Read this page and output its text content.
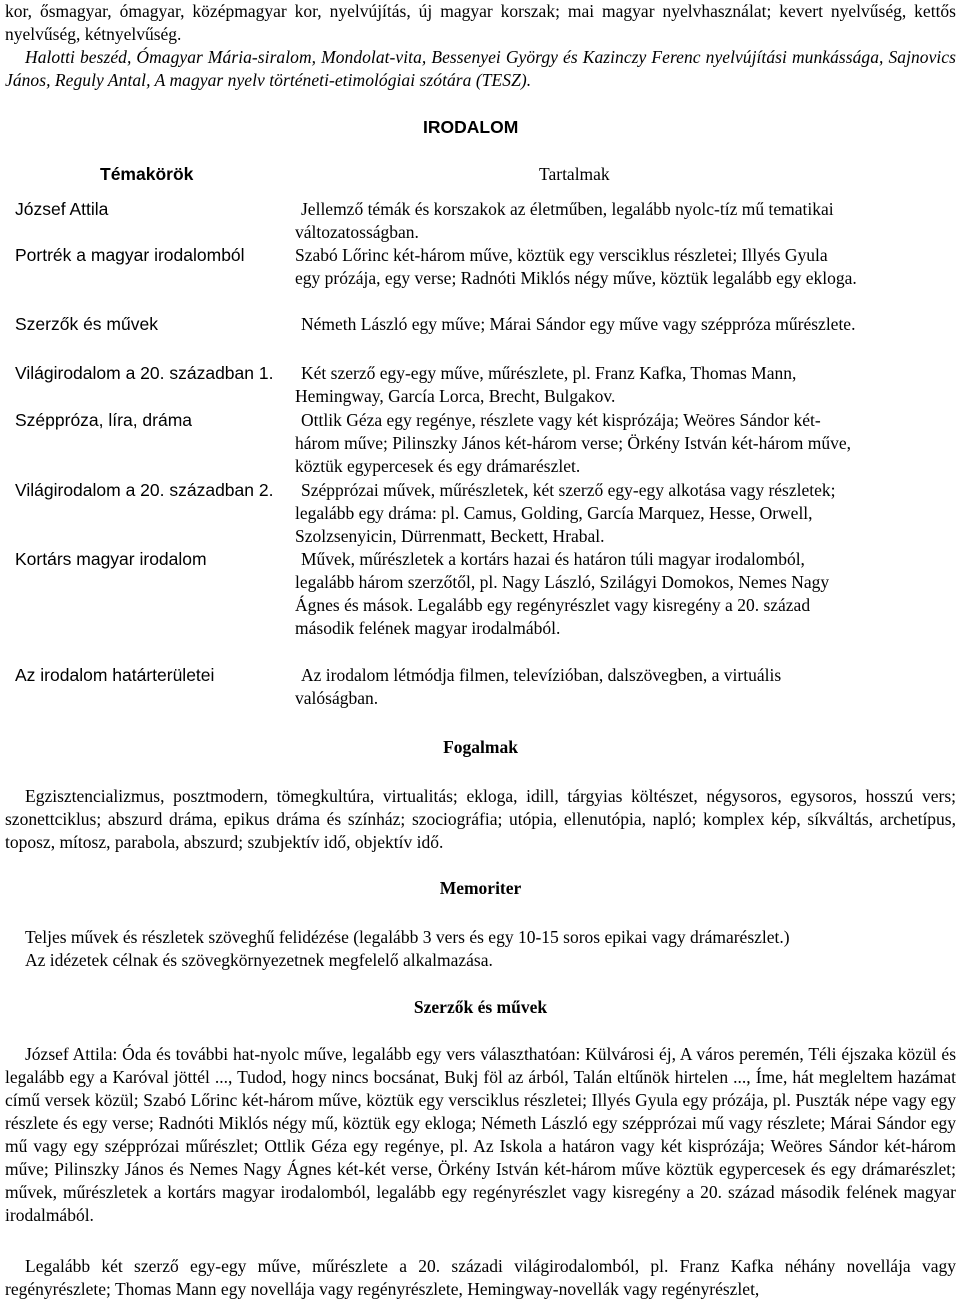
kor, ősmagyar, ómagyar, középmagyar kor, nyelvújítás, új magyar korszak; mai magyar nyelvhasználat; kevert nyelvűség, kettős nyelvűség, kétnyelvűség.

Halotti beszéd, Ómagyar Mária-siralom, Mondolat-vita, Bessenyei György és Kazinczy Ferenc nyelvújítási munkássága, Sajnovics János, Reguly Antal, A magyar nyelv történeti-etimológiai szótára (TESZ).

IRODALOM
Témakörök	Tartalmak
József Attila	Jellemző témák és korszakok az életműben, legalább nyolc-tíz mű tematikai változatosságban.
Portrék a magyar irodalomból	Szabó Lőrinc két-három műve, köztük egy versciklus részletei; Illyés Gyula egy prózája, egy verse; Radnóti Miklós négy műve, köztük legalább egy ekloga.
Szerzők és művek	Németh László egy műve; Márai Sándor egy műve vagy széppróza műrészlete.
Világirodalom a 20. században 1.	Két szerző egy-egy műve, műrészlete, pl. Franz Kafka, Thomas Mann, Hemingway, García Lorca, Brecht, Bulgakov.
Széppróza, líra, dráma	Ottlik Géza egy regénye, részlete vagy két kisprózája; Weöres Sándor két-három műve; Pilinszky János két-három verse; Örkény István két-három műve, köztük egypercesek és egy drámarészlet.
Világirodalom a 20. században 2.	Szépprózai művek, műrészletek, két szerző egy-egy alkotása vagy részletek; legalább egy dráma: pl. Camus, Golding, García Marquez, Hesse, Orwell, Szolzsenyicin, Dürrenmatt, Beckett, Hrabal.
Kortárs magyar irodalom	Művek, műrészletek a kortárs hazai és határon túli magyar irodalomból, legalább három szerzőtől, pl. Nagy László, Szilágyi Domokos, Nemes Nagy Ágnes és mások. Legalább egy regényrészlet vagy kisregény a 20. század második felének magyar irodalmából.
Az irodalom határterületei	Az irodalom létmódja filmen, televízióban, dalszövegben, a virtuális valóságban.
Fogalmak

Egzisztencializmus, posztmodern, tömegkultúra, virtualitás; ekloga, idill, tárgyias költészet, négysoros, egysoros, hosszú vers; szonettciklus; abszurd dráma, epikus dráma és színház; szociográfia; utópia, ellenutópia, napló; komplex kép, síkváltás, archetípus, toposz, mítosz, parabola, abszurd; szubjektív idő, objektív idő.

Memoriter

Teljes művek és részletek szöveghű felidézése (legalább 3 vers és egy 10-15 soros epikai vagy drámarészlet.)

Az idézetek célnak és szövegkörnyezetnek megfelelő alkalmazása.

Szerzők és művek

József Attila: Óda és további hat-nyolc műve, legalább egy vers választhatóan: Külvárosi éj, A város peremén, Téli éjszaka közül és legalább egy a Karóval jöttél ..., Tudod, hogy nincs bocsánat, Bukj föl az árból, Talán eltűnök hirtelen ..., Íme, hát megleltem hazámat című versek közül; Szabó Lőrinc két-három műve, köztük egy versciklus részletei; Illyés Gyula egy prózája, pl. Puszták népe vagy egy részlete és egy verse; Radnóti Miklós négy mű, köztük egy ekloga; Németh László egy szépprózai mű vagy részlete; Márai Sándor egy mű vagy egy szépprózai műrészlet; Ottlik Géza egy regénye, pl. Az Iskola a határon vagy két kisprózája; Weöres Sándor két-három műve; Pilinszky János és Nemes Nagy Ágnes két-két verse, Örkény István két-három műve köztük egypercesek és egy drámarészlet; művek, műrészletek a kortárs magyar irodalomból, legalább egy regényrészlet vagy kisregény a 20. század második felének magyar irodalmából.

Legalább két szerző egy-egy műve, műrészlete a 20. századi világirodalomból, pl. Franz Kafka néhány novellája vagy regényrészlete; Thomas Mann egy novellája vagy regényrészlete, Hemingway-novellák vagy regényrészlet,
